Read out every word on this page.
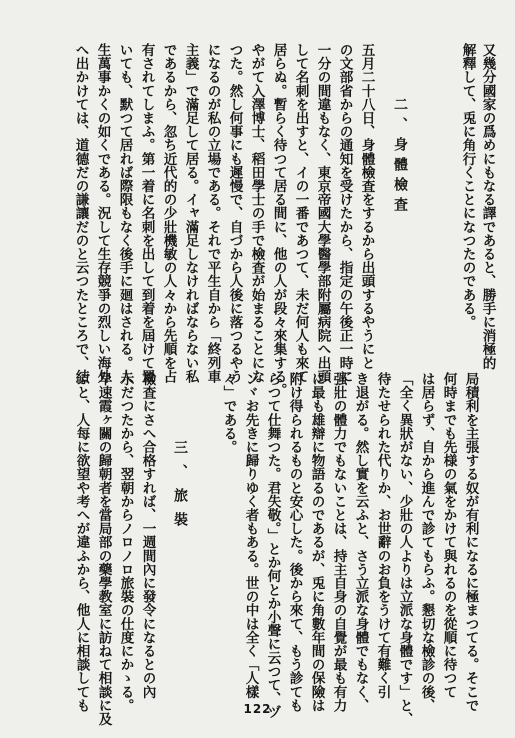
又幾分國家の爲めにもなる譯であると、勝手に消極的
解釋して、兎に角行くことになつたのである。
二、身體檢査
五月二十八日、身體檢査をするから出頭するやうにと
の文部省からの通知を受けたから、指定の午後正一時に
一分の間違もなく、東京帝國大學醫學部附屬病院へ出頭
して名刺を出すと、イの一番であつて、未だ何人も來て
居らぬ。暫らく待つて居る間に、他の人が段々來集する。
やがて入澤博士、稻田學士の手で檢査が始まることにな
つた。然し何事にも遲慢で、自づから人後に落つるやう
になるのが私の立場である。それで平生自から「終列車
主義」で滿足して居る。イャ滿足しなければならない私
であるから、忽ち近代的の少壯機敏の人々から先順を占
有されてしまふ。第一着に名刺を出して到着を屆けて置
いても、默つて居れば際限もなく後手に廻はされる。人
生萬事かくの如くである。況して生存競爭の烈しい海外
へ出かけては、道德だの謙讓だのと云つたところで、結
局積利を主張する奴が有利になるに極まつてる。そこで
何時までも先様の氣をかけて與れるのを從順に待つて
は居らず、自から進んで診てもらふ。懇切な檢診の後、
「全く異狀がない、少壯の人よりは立派な身體です」と、
待たせられた代りか、お世辭のお負をうけて有難く引
き退がる。然し實を云ふと、さう立派な身體でもなく、
强壯の體力でもないことは、持主自身の自覺が最も有力
に最も雄辯に物語るのであるが、兎に角數年間の保險は
附け得られるものと安心した。後から來て、もう診ても
らつて仕舞つた。君失敬。」とか何とか小聲に云つて、ヅ
ンヾお先きに歸りゆく者もある。世の中は全く「人樣
々」である。
三、旅裝
檢査にさへ合格すれば、一週間內に發令になるとの內
示だつたから、翌朝からノロノロ旅裝の仕度にかゝる。
早速霞ヶ關の歸朝者を當局部の藥學教室に訪ねて相談に及
ぶと、人每に欲望や考へが違ふから、他人に相談しても	122
